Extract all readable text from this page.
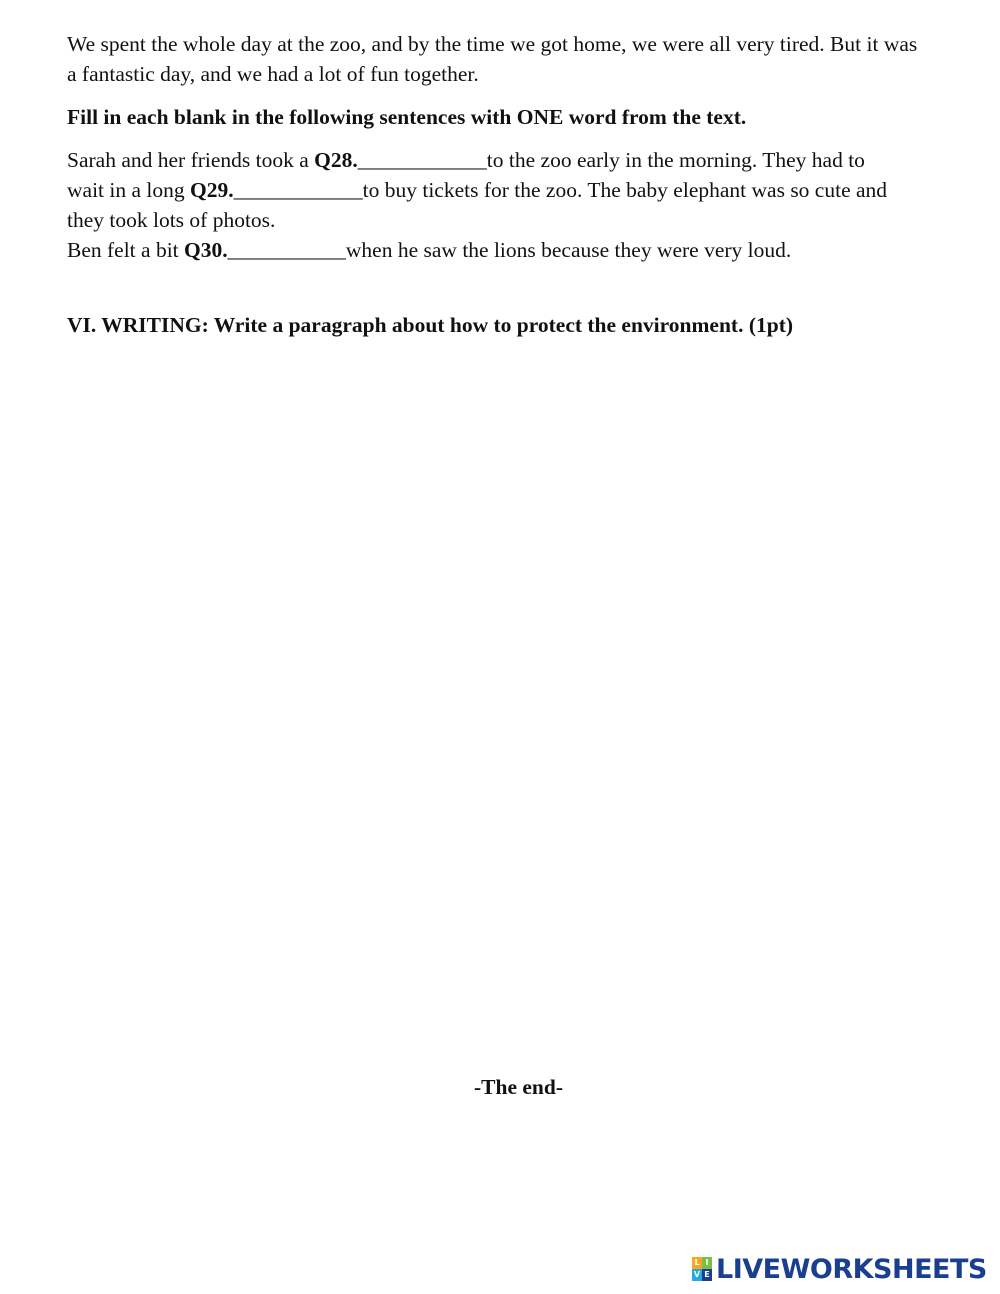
We spent the whole day at the zoo, and by the time we got home, we were all very tired. But it was
a fantastic day, and we had a lot of fun together.
Fill in each blank in the following sentences with ONE word from the text.
Sarah and her friends took a Q28.____________to the zoo early in the morning. They had to
wait in a long Q29.____________to buy tickets for the zoo. The baby elephant was so cute and
they took lots of photos.
Ben felt a bit Q30.___________when he saw the lions because they were very loud.
VI. WRITING: Write a paragraph about how to protect the environment. (1pt)
-The end-
L I
V E LIVEWORKSHEETS
